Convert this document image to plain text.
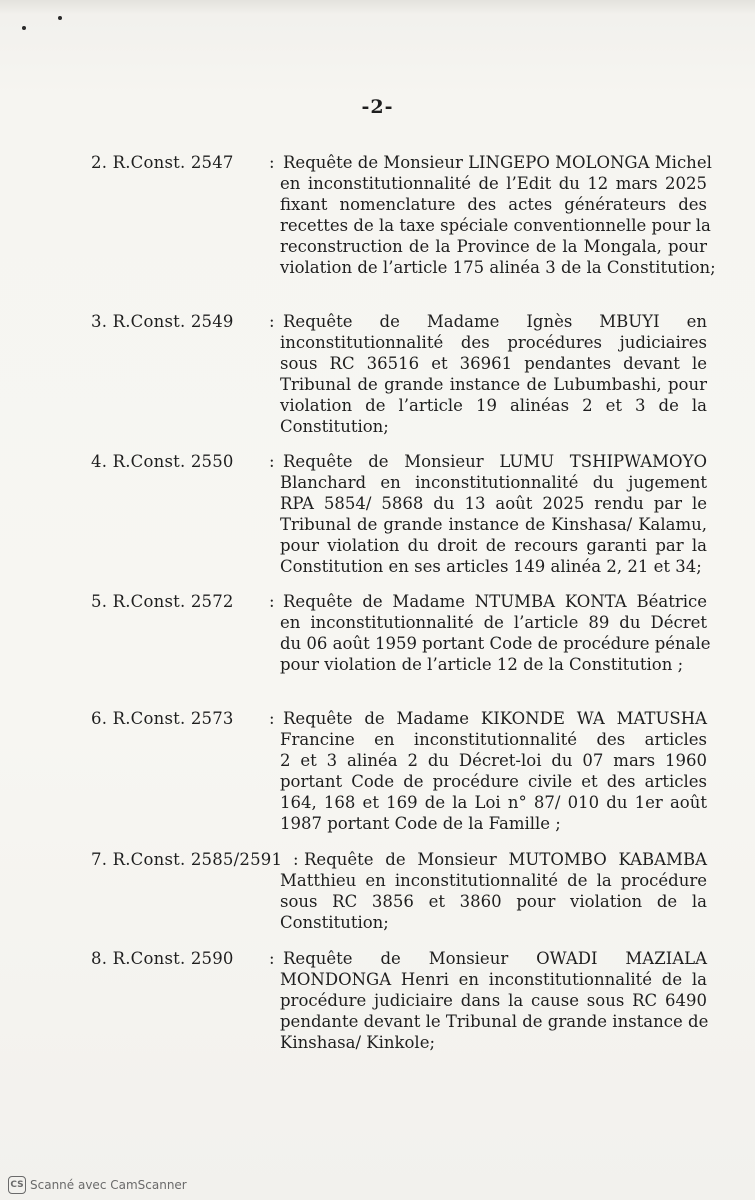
-2-
2. R.Const. 2547 : Requête de Monsieur LINGEPO MOLONGA Michel
en inconstitutionnalité de l’Edit du 12 mars 2025
fixant nomenclature des actes générateurs des
recettes de la taxe spéciale conventionnelle pour la
reconstruction de la Province de la Mongala, pour
violation de l’article 175 alinéa 3 de la Constitution;
3. R.Const. 2549 : Requête de Madame Ignès MBUYI en
inconstitutionnalité des procédures judiciaires
sous RC 36516 et 36961 pendantes devant le
Tribunal de grande instance de Lubumbashi, pour
violation de l’article 19 alinéas 2 et 3 de la
Constitution;
4. R.Const. 2550 : Requête de Monsieur LUMU TSHIPWAMOYO
Blanchard en inconstitutionnalité du jugement
RPA 5854/ 5868 du 13 août 2025 rendu par le
Tribunal de grande instance de Kinshasa/ Kalamu,
pour violation du droit de recours garanti par la
Constitution en ses articles 149 alinéa 2, 21 et 34;
5. R.Const. 2572 : Requête de Madame NTUMBA KONTA Béatrice
en inconstitutionnalité de l’article 89 du Décret
du 06 août 1959 portant Code de procédure pénale
pour violation de l’article 12 de la Constitution ;
6. R.Const. 2573 : Requête de Madame KIKONDE WA MATUSHA
Francine en inconstitutionnalité des articles
2 et 3 alinéa 2 du Décret-loi du 07 mars 1960
portant Code de procédure civile et des articles
164, 168 et 169 de la Loi n° 87/ 010 du 1er août
1987 portant Code de la Famille ;
7. R.Const. 2585/2591 : Requête de Monsieur MUTOMBO KABAMBA
Matthieu en inconstitutionnalité de la procédure
sous RC 3856 et 3860 pour violation de la
Constitution;
8. R.Const. 2590 : Requête de Monsieur OWADI MAZIALA
MONDONGA Henri en inconstitutionnalité de la
procédure judiciaire dans la cause sous RC 6490
pendante devant le Tribunal de grande instance de
Kinshasa/ Kinkole;
CS Scanné avec CamScanner
